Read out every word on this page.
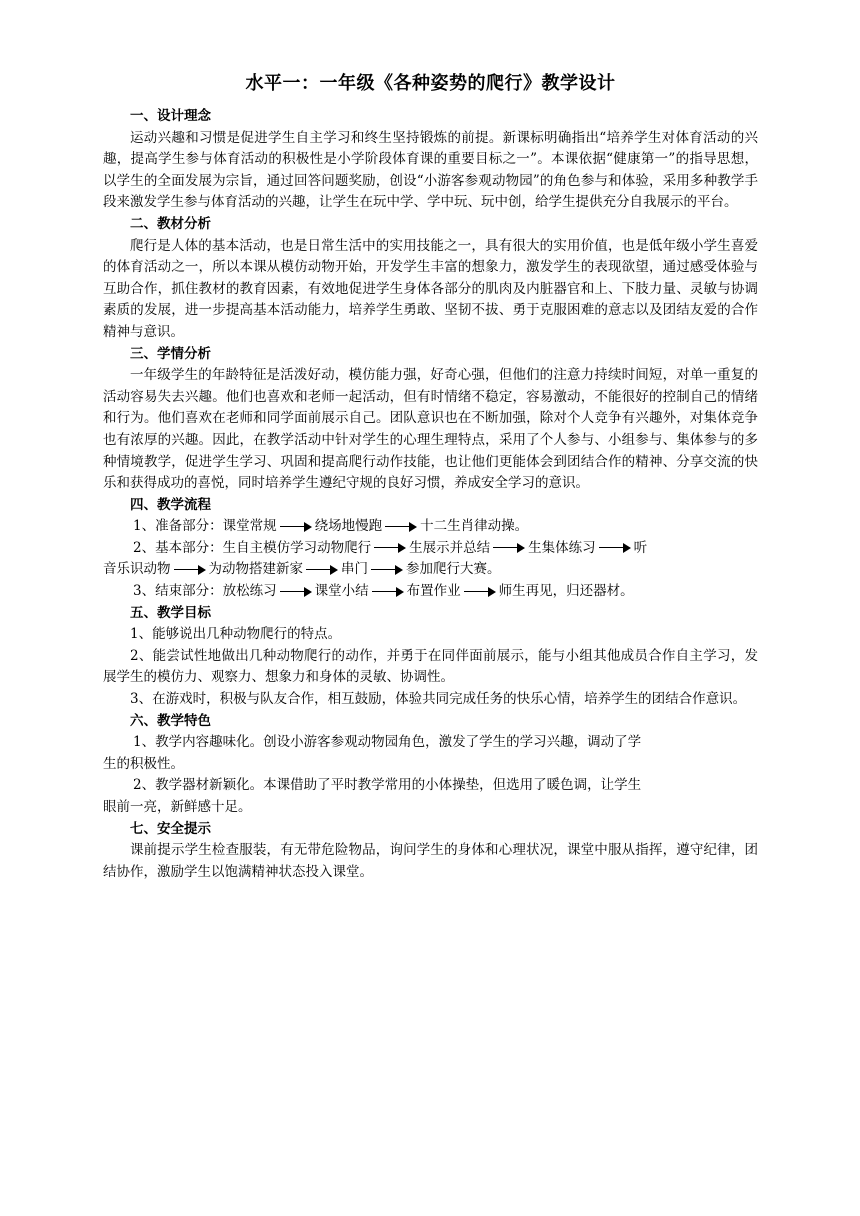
水平一：一年级《各种姿势的爬行》教学设计
一、设计理念

运动兴趣和习惯是促进学生自主学习和终生坚持锻炼的前提。新课标明确指出“培养学生对体育活动的兴趣，提高学生参与体育活动的积极性是小学阶段体育课的重要目标之一”。本课依据“健康第一”的指导思想，以学生的全面发展为宗旨，通过回答问题奖励，创设“小游客参观动物园”的角色参与和体验，采用多种教学手段来激发学生参与体育活动的兴趣，让学生在玩中学、学中玩、玩中创，给学生提供充分自我展示的平台。

二、教材分析

爬行是人体的基本活动，也是日常生活中的实用技能之一，具有很大的实用价值，也是低年级小学生喜爱的体育活动之一，所以本课从模仿动物开始，开发学生丰富的想象力，激发学生的表现欲望，通过感受体验与互助合作，抓住教材的教育因素，有效地促进学生身体各部分的肌肉及内脏器官和上、下肢力量、灵敏与协调素质的发展，进一步提高基本活动能力，培养学生勇敢、坚韧不拔、勇于克服困难的意志以及团结友爱的合作精神与意识。

三、学情分析

一年级学生的年龄特征是活泼好动，模仿能力强，好奇心强，但他们的注意力持续时间短，对单一重复的活动容易失去兴趣。他们也喜欢和老师一起活动，但有时情绪不稳定，容易激动，不能很好的控制自己的情绪和行为。他们喜欢在老师和同学面前展示自己。团队意识也在不断加强，除对个人竞争有兴趣外，对集体竞争也有浓厚的兴趣。因此，在教学活动中针对学生的心理生理特点，采用了个人参与、小组参与、集体参与的多种情境教学，促进学生学习、巩固和提高爬行动作技能，也让他们更能体会到团结合作的精神、分享交流的快乐和获得成功的喜悦，同时培养学生遵纪守规的良好习惯，养成安全学习的意识。

四、教学流程

1、准备部分：课堂常规	绕场地慢跑	十二生肖律动操。

2、基本部分：生自主模仿学习动物爬行	生展示并总结	生集体练习	听

音乐识动物	为动物搭建新家	串门	参加爬行大赛。

3、结束部分：放松练习	课堂小结	布置作业	师生再见，归还器材。

五、教学目标

1、能够说出几种动物爬行的特点。

2、能尝试性地做出几种动物爬行的动作，并勇于在同伴面前展示，能与小组其他成员合作自主学习，发展学生的模仿力、观察力、想象力和身体的灵敏、协调性。

3、在游戏时，积极与队友合作，相互鼓励，体验共同完成任务的快乐心情，培养学生的团结合作意识。

六、教学特色

1、教学内容趣味化。创设小游客参观动物园角色，激发了学生的学习兴趣，调动了学

生的积极性。

2、教学器材新颖化。本课借助了平时教学常用的小体操垫，但选用了暖色调，让学生

眼前一亮，新鲜感十足。

七、安全提示

课前提示学生检查服装，有无带危险物品，询问学生的身体和心理状况，课堂中服从指挥，遵守纪律，团结协作，激励学生以饱满精神状态投入课堂。
